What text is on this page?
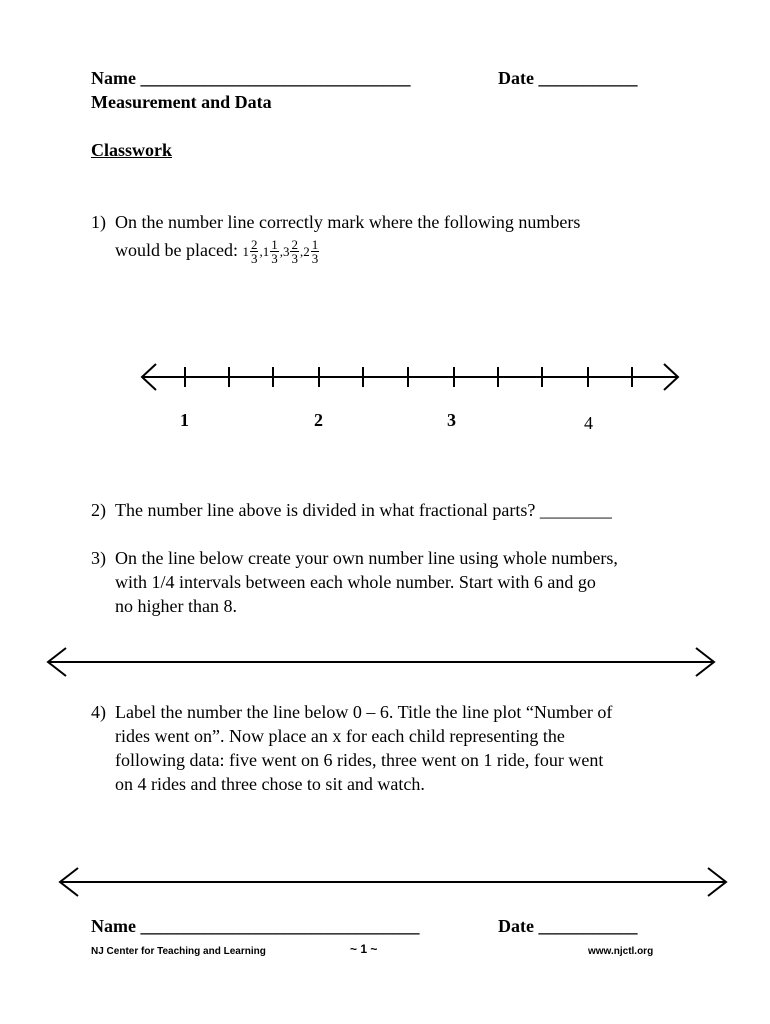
Name ______________________________	Date ___________
Measurement and Data
Classwork
1) On the number line correctly mark where the following numbers
would be placed: $1 \frac{2}{3} ,1 \frac{1}{3} ,3 \frac{2}{3} ,2 \frac{1}{3}$
1	2	3	4
2) The number line above is divided in what fractional parts? ________
3) On the line below create your own number line using whole numbers,
with 1/4 intervals between each whole number. Start with 6 and go
no higher than 8.
4) Label the number the line below 0 – 6. Title the line plot “Number of
rides went on”. Now place an x for each child representing the
following data: five went on 6 rides, three went on 1 ride, four went
on 4 rides and three chose to sit and watch.
Name _______________________________	Date ___________
NJ Center for Teaching and Learning	~ 1 ~	www.njctl.org
